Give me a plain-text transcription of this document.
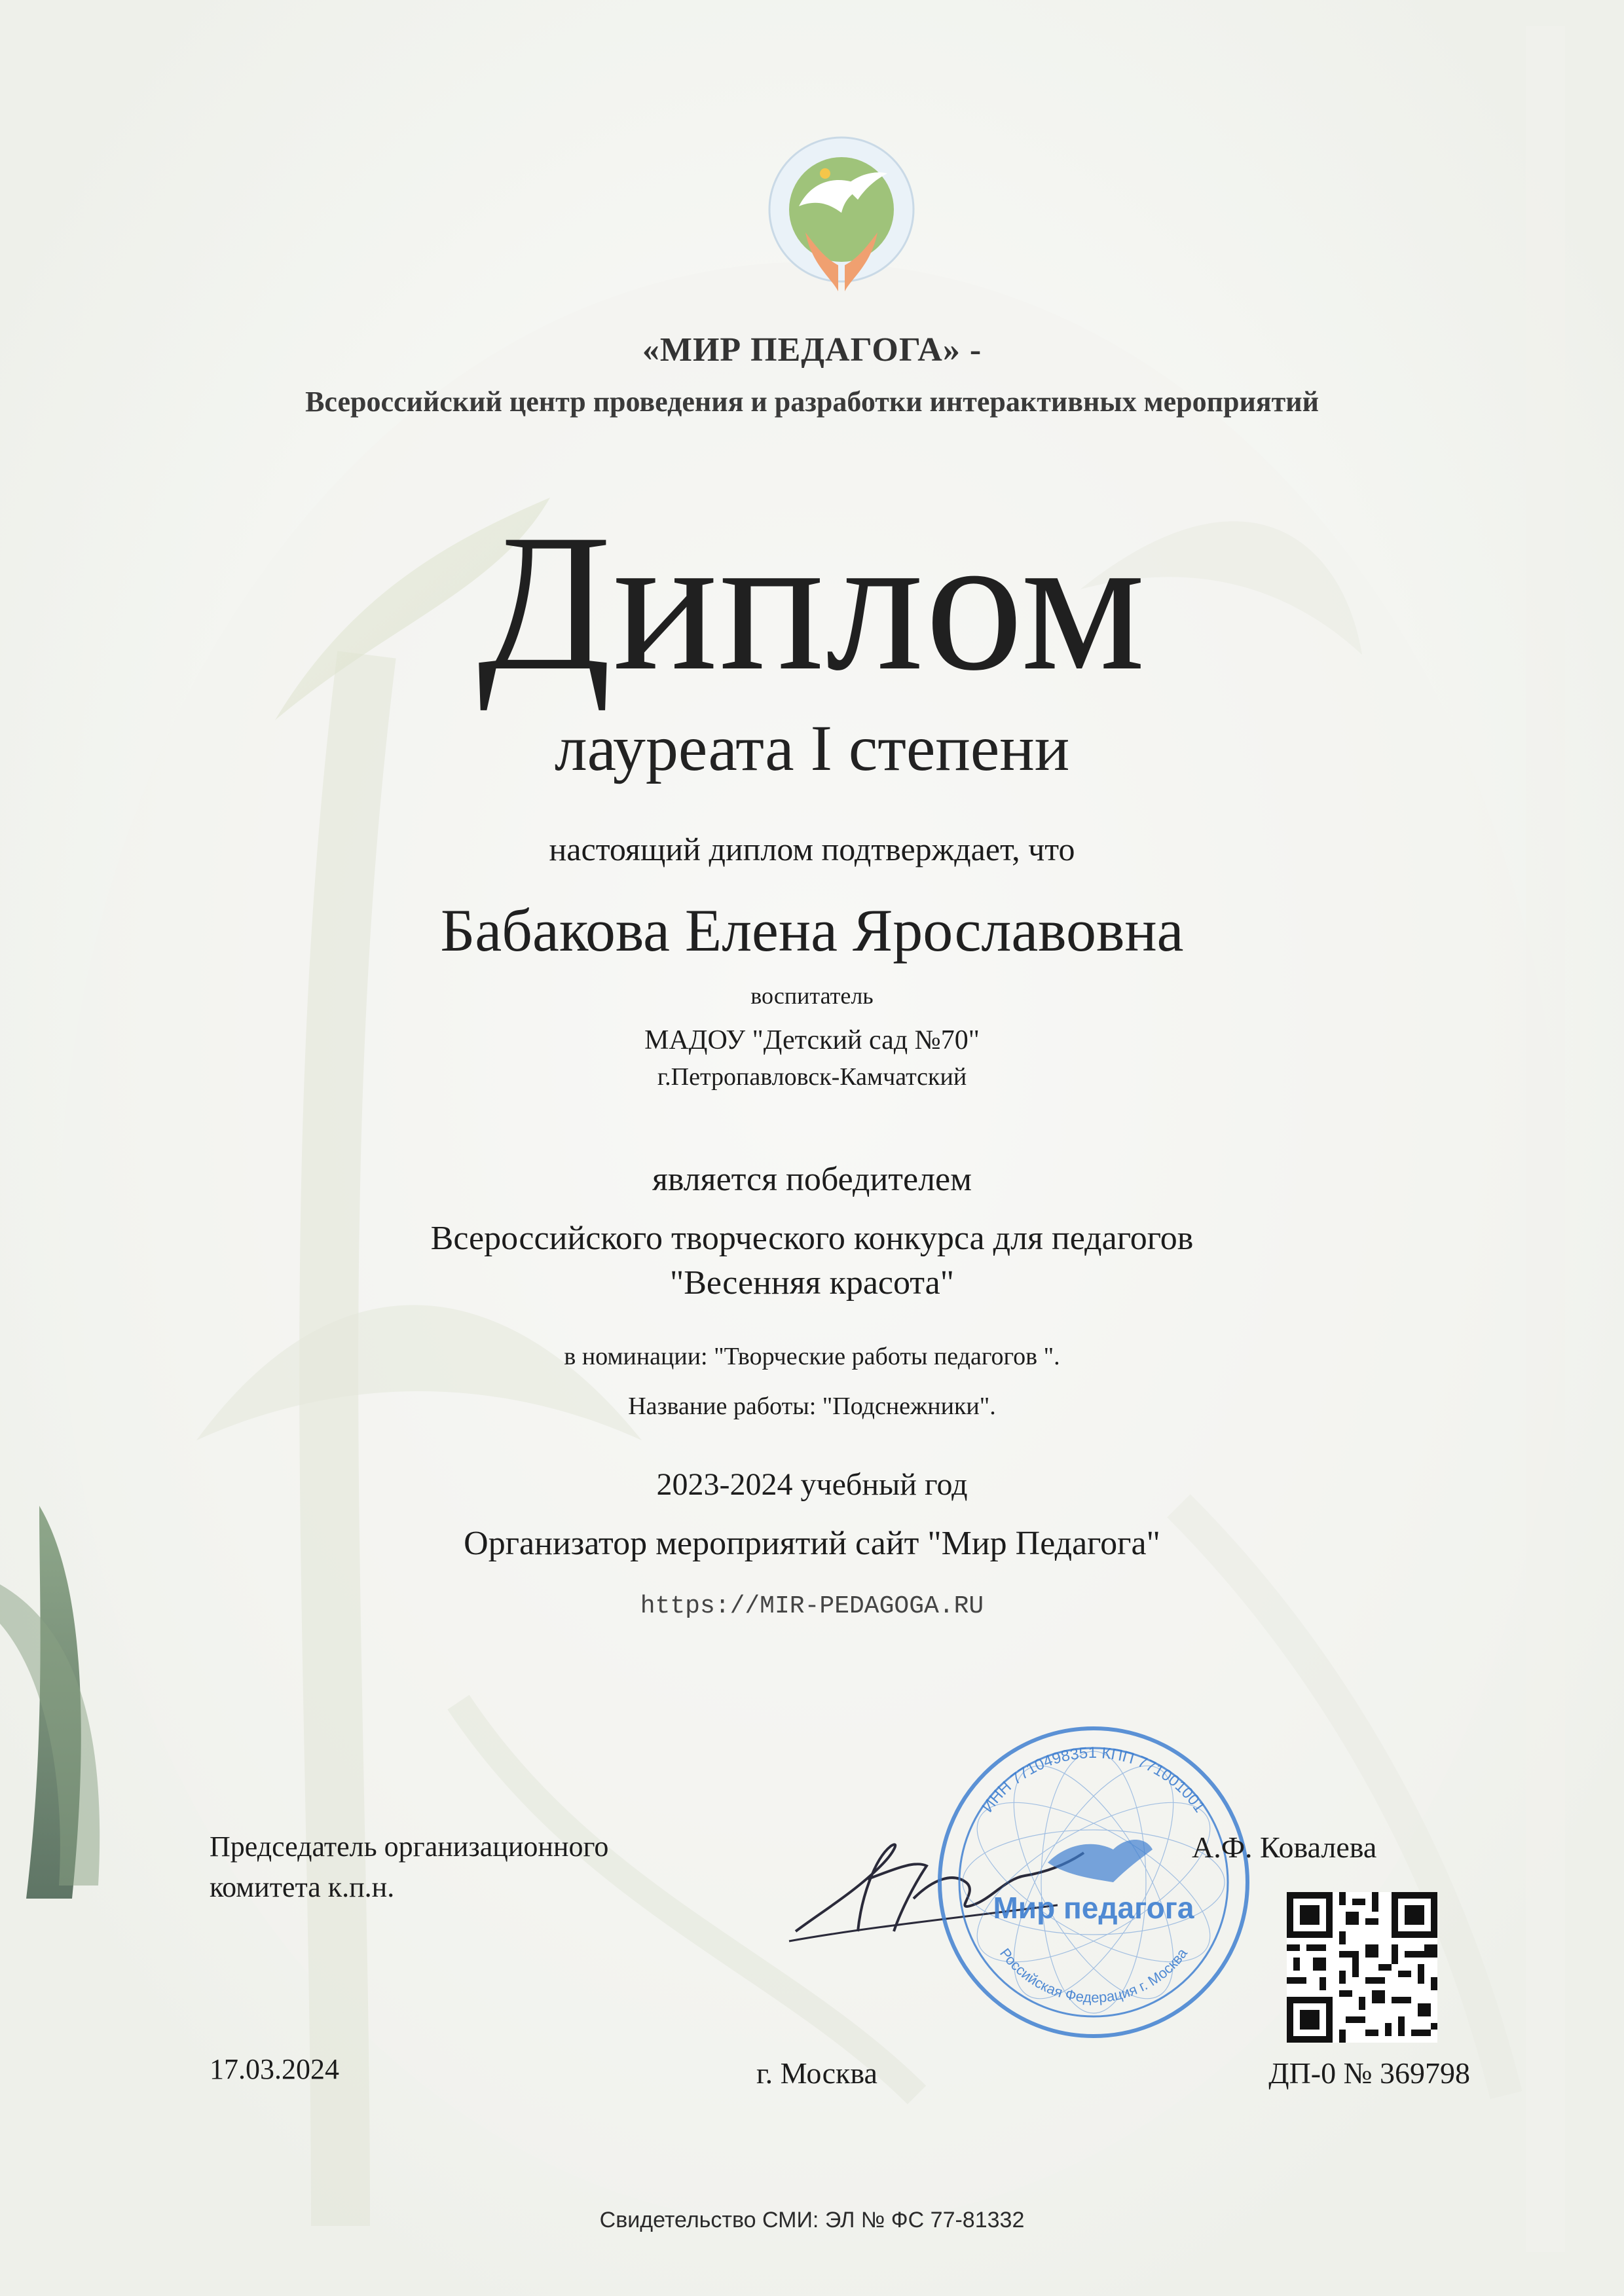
«МИР ПЕДАГОГА» -
Всероссийский центр проведения и разработки интерактивных мероприятий
Диплом
лауреата I степени
настоящий диплом подтверждает, что
Бабакова Елена Ярославовна
воспитатель
МАДОУ "Детский сад №70"
г.Петропавловск-Камчатский
является победителем
Всероссийского творческого конкурса для педагогов
"Весенняя красота"
в номинации: "Творческие работы педагогов ".
Название работы: "Подснежники".
2023-2024 учебный год
Организатор мероприятий сайт "Мир Педагога"
https://MIR-PEDAGOGA.RU
Председатель организационного
комитета к.п.н.
ИНН 7710498351 КПП 771001001
Мир педагога
Российская Федерация г. Москва
А.Ф. Ковалева
17.03.2024	г. Москва	ДП-0 № 369798
Свидетельство СМИ: ЭЛ № ФС 77-81332
